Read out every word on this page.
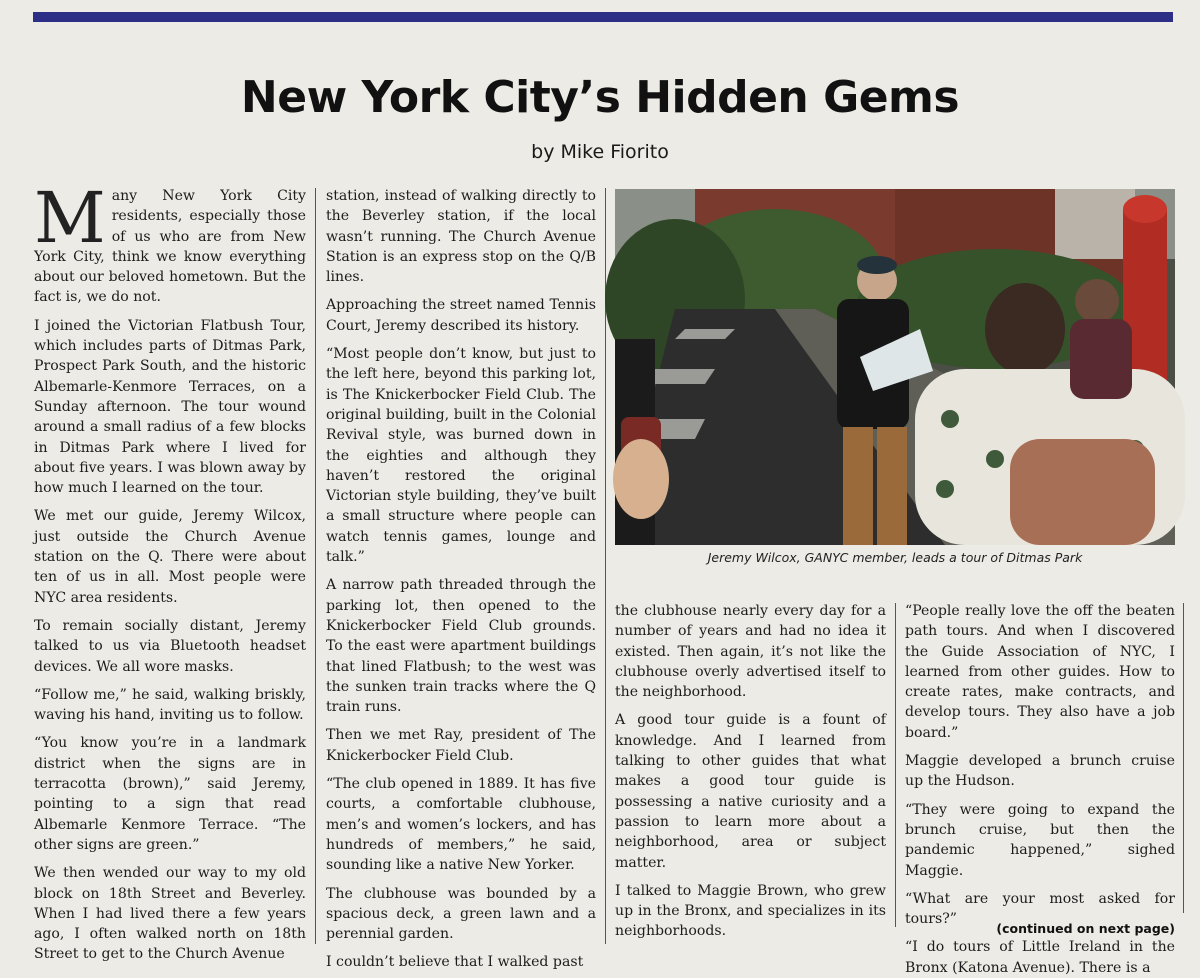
New York City’s Hidden Gems

by Mike Fiorito

Many New York City residents, especially those of us who are from New York City, think we know everything about our beloved hometown. But the fact is, we do not.

I joined the Victorian Flatbush Tour, which includes parts of Ditmas Park, Prospect Park South, and the historic Albemarle-Kenmore Terraces, on a Sunday afternoon. The tour wound around a small radius of a few blocks in Ditmas Park where I lived for about five years. I was blown away by how much I learned on the tour.

We met our guide, Jeremy Wilcox, just outside the Church Avenue station on the Q. There were about ten of us in all. Most people were NYC area residents.

To remain socially distant, Jeremy talked to us via Bluetooth headset devices. We all wore masks.

“Follow me,” he said, walking briskly, waving his hand, inviting us to follow.

“You know you’re in a landmark district when the signs are in terracotta (brown),” said Jeremy, pointing to a sign that read Albemarle Kenmore Terrace. “The other signs are green.”

We then wended our way to my old block on 18th Street and Beverley. When I had lived there a few years ago, I often walked north on 18th Street to get to the Church Avenue

station, instead of walking directly to the Beverley station, if the local wasn’t running. The Church Avenue Station is an express stop on the Q/B lines.

Approaching the street named Tennis Court, Jeremy described its history.

“Most people don’t know, but just to the left here, beyond this parking lot, is The Knickerbocker Field Club. The original building, built in the Colonial Revival style, was burned down in the eighties and although they haven’t restored the original Victorian style building, they’ve built a small structure where people can watch tennis games, lounge and talk.”

A narrow path threaded through the parking lot, then opened to the Knickerbocker Field Club grounds. To the east were apartment buildings that lined Flatbush; to the west was the sunken train tracks where the Q train runs.

Then we met Ray, president of The Knickerbocker Field Club.

“The club opened in 1889. It has five courts, a comfortable clubhouse, men’s and women’s lockers, and has hundreds of members,” he said, sounding like a native New Yorker.

The clubhouse was bounded by a spacious deck, a green lawn and a perennial garden.

I couldn’t believe that I walked past

Jeremy Wilcox, GANYC member, leads a tour of Ditmas Park

the clubhouse nearly every day for a number of years and had no idea it existed. Then again, it’s not like the clubhouse overly advertised itself to the neighborhood.

A good tour guide is a fount of knowledge. And I learned from talking to other guides that what makes a good tour guide is possessing a native curiosity and a passion to learn more about a neighborhood, area or subject matter.

I talked to Maggie Brown, who grew up in the Bronx, and specializes in its neighborhoods.

“People really love the off the beaten path tours. And when I discovered the Guide Association of NYC, I learned from other guides. How to create rates, make contracts, and develop tours. They also have a job board.”

Maggie developed a brunch cruise up the Hudson.

“They were going to expand the brunch cruise, but then the pandemic happened,” sighed Maggie.

“What are your most asked for tours?”

“I do tours of Little Ireland in the Bronx (Katona Avenue). There is a

(continued on next page)
